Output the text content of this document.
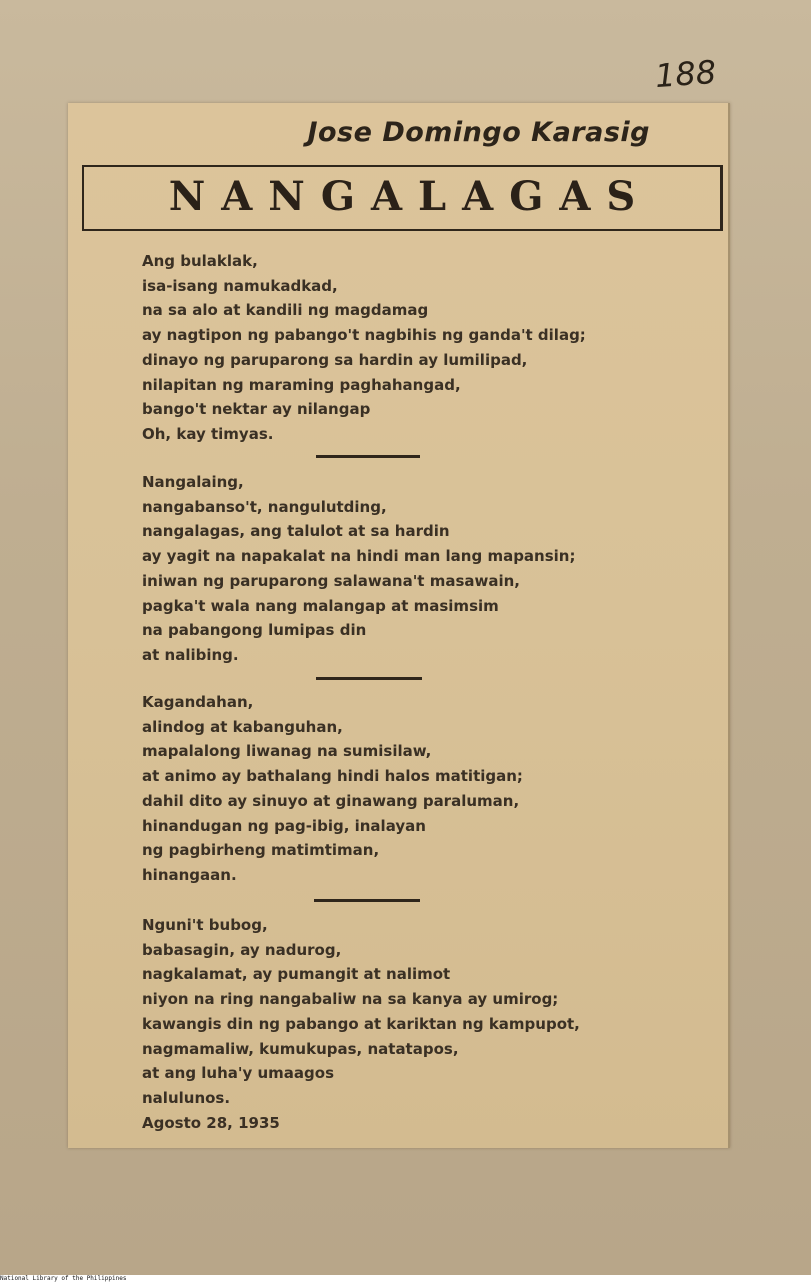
188
Jose Domingo Karasig
NANGALAGAS
Ang bulaklak,
isa-isang namukadkad,
na sa alo at kandili ng magdamag
ay nagtipon ng pabango't nagbihis ng ganda't dilag;
dinayo ng paruparong sa hardin ay lumilipad,
nilapitan ng maraming paghahangad,
bango't nektar ay nilangap
Oh, kay timyas.
Nangalaing,
nangabanso't, nangulutding,
nangalagas, ang talulot at sa hardin
ay yagit na napakalat na hindi man lang mapansin;
iniwan ng paruparong salawana't masawain,
pagka't wala nang malangap at masimsim
na pabangong lumipas din
at nalibing.
Kagandahan,
alindog at kabanguhan,
mapalalong liwanag na sumisilaw,
at animo ay bathalang hindi halos matitigan;
dahil dito ay sinuyo at ginawang paraluman,
hinandugan ng pag-ibig, inalayan
ng pagbirheng matimtiman,
hinangaan.
Nguni't bubog,
babasagin, ay nadurog,
nagkalamat, ay pumangit at nalimot
niyon na ring nangabaliw na sa kanya ay umirog;
kawangis din ng pabango at kariktan ng kampupot,
nagmamaliw, kumukupas, natatapos,
at ang luha'y umaagos
nalulunos.
Agosto 28, 1935
National Library of the Philippines
